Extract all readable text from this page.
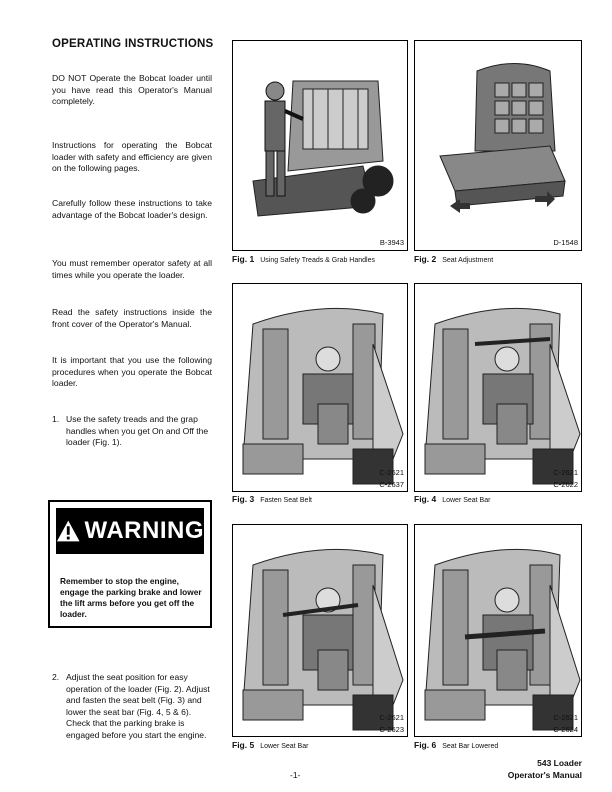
OPERATING INSTRUCTIONS
DO NOT Operate the Bobcat loader until you have read this Operator's Manual completely.
Instructions for operating the Bobcat loader with safety and efficiency are given on the following pages.
Carefully follow these instructions to take advantage of the Bobcat loader's design.
You must remember operator safety at all times while you operate the loader.
Read the safety instructions inside the front cover of the Operator's Manual.
It is important that you use the following procedures when you operate the Bobcat loader.
1. Use the safety treads and the grap handles when you get On and Off the loader (Fig. 1).
WARNING
Remember to stop the engine, engage the parking brake and lower the lift arms before you get off the loader.
2. Adjust the seat position for easy operation of the loader (Fig. 2). Adjust and fasten the seat belt (Fig. 3) and lower the seat bar (Fig. 4, 5 & 6). Check that the parking brake is engaged before you start the engine.
B-3943
Fig. 1 Using Safety Treads & Grab Handles
D-1548
Fig. 2 Seat Adjustment
C-2621
C-2637
Fig. 3 Fasten Seat Belt
C-2621
C-2622
Fig. 4 Lower Seat Bar
C-2621
C-2623
Fig. 5 Lower Seat Bar
C-2621
C-2624
Fig. 6 Seat Bar Lowered
-1-
543 Loader
Operator's Manual
